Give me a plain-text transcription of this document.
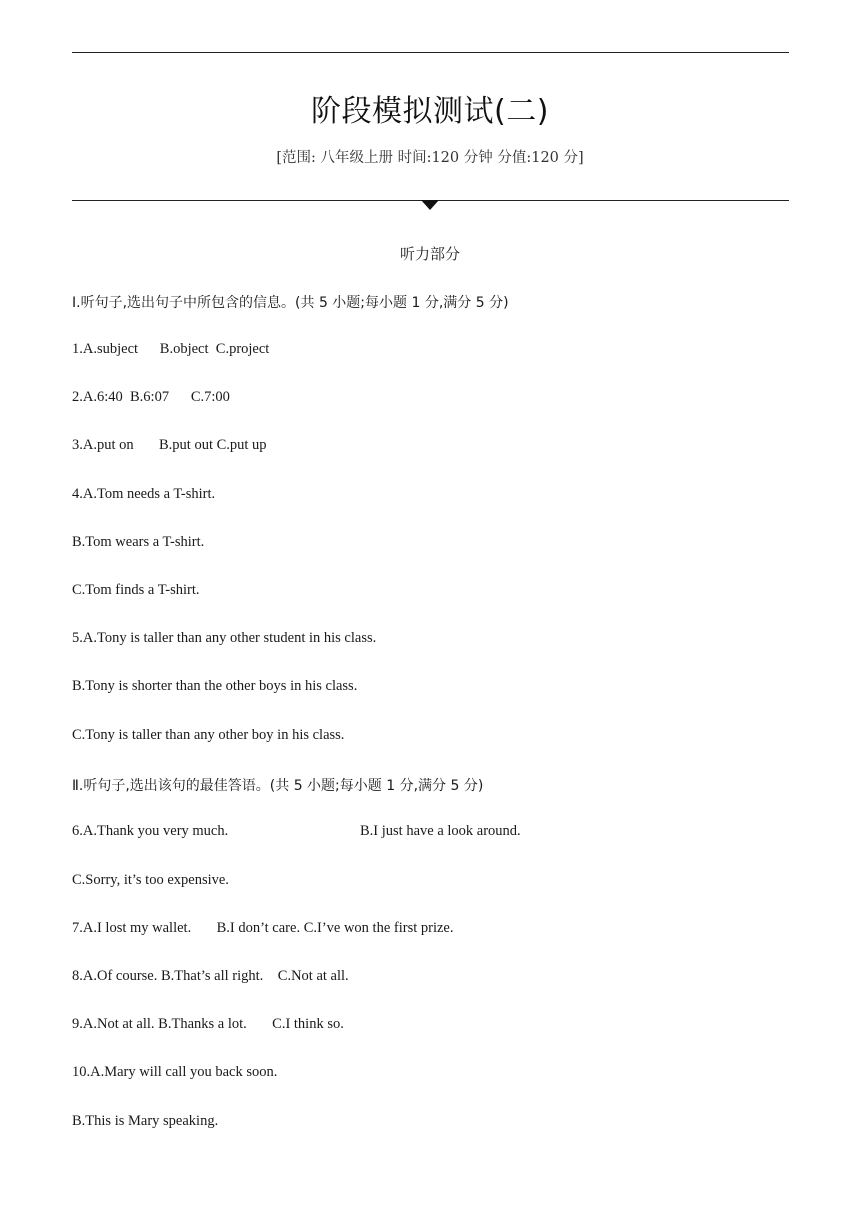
阶段模拟测试(二)
[范围: 八年级上册 时间:120 分钟 分值:120 分]
听力部分
Ⅰ.听句子,选出句子中所包含的信息。(共 5 小题;每小题 1 分,满分 5 分)
1.A.subject      B.object  C.project
2.A.6:40  B.6:07      C.7:00
3.A.put on       B.put out C.put up
4.A.Tom needs a T-shirt.
B.Tom wears a T-shirt.
C.Tom finds a T-shirt.
5.A.Tony is taller than any other student in his class.
B.Tony is shorter than the other boys in his class.
C.Tony is taller than any other boy in his class.
Ⅱ.听句子,选出该句的最佳答语。(共 5 小题;每小题 1 分,满分 5 分)

6.A.Thank you very much.

	B.I just have a look around.

C.Sorry, it’s too expensive.
7.A.I lost my wallet.       B.I don’t care. C.I’ve won the first prize.
8.A.Of course. B.That’s all right.    C.Not at all.
9.A.Not at all. B.Thanks a lot.       C.I think so.
10.A.Mary will call you back soon.
B.This is Mary speaking.
